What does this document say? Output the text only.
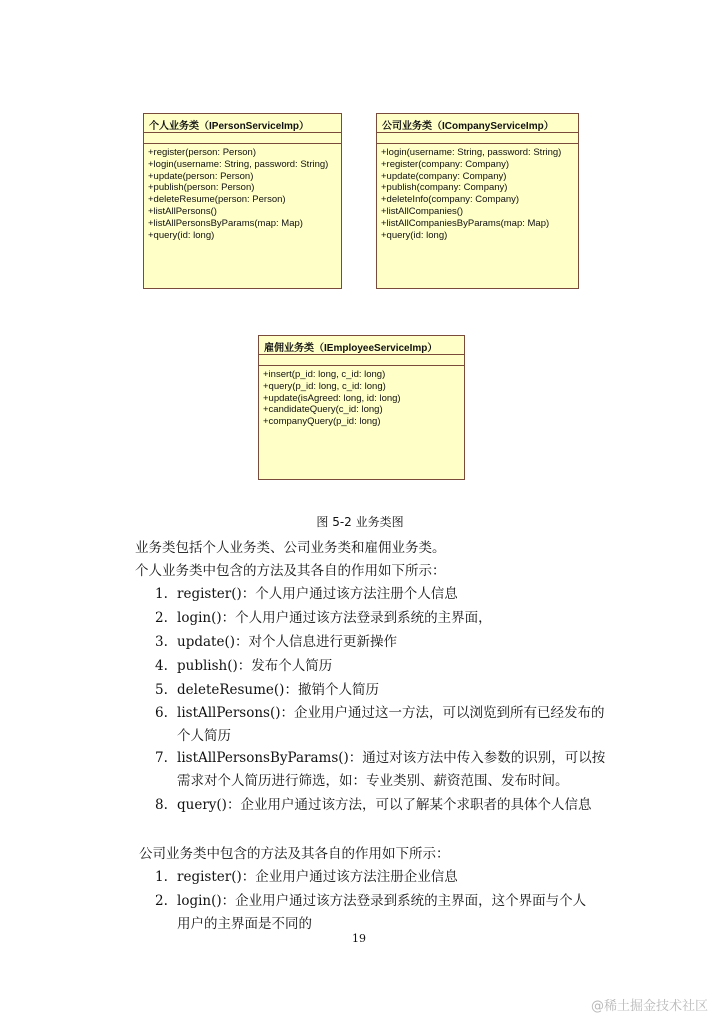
个人业务类（IPersonServiceImp）
+register(person: Person)
+login(username: String, password: String)
+update(person: Person)
+publish(person: Person)
+deleteResume(person: Person)
+listAllPersons()
+listAllPersonsByParams(map: Map)
+query(id: long)
公司业务类（ICompanyServiceImp）
+login(username: String, password: String)
+register(company: Company)
+update(company: Company)
+publish(company: Company)
+deleteInfo(company: Company)
+listAllCompanies()
+listAllCompaniesByParams(map: Map)
+query(id: long)
雇佣业务类（IEmployeeServiceImp）
+insert(p_id: long, c_id: long)
+query(p_id: long, c_id: long)
+update(isAgreed: long, id: long)
+candidateQuery(c_id: long)
+companyQuery(p_id: long)
图 5-2 业务类图
业务类包括个人业务类、公司业务类和雇佣业务类。
个人业务类中包含的方法及其各自的作用如下所示：
1. register()：个人用户通过该方法注册个人信息
2. login()：个人用户通过该方法登录到系统的主界面，
3. update()：对个人信息进行更新操作
4. publish()：发布个人简历
5. deleteResume()：撤销个人简历
6. listAllPersons()：企业用户通过这一方法，可以浏览到所有已经发布的
个人简历
7. listAllPersonsByParams()：通过对该方法中传入参数的识别，可以按
需求对个人简历进行筛选，如：专业类别、薪资范围、发布时间。
8. query()：企业用户通过该方法，可以了解某个求职者的具体个人信息
公司业务类中包含的方法及其各自的作用如下所示：
1. register()：企业用户通过该方法注册企业信息
2. login()：企业用户通过该方法登录到系统的主界面，这个界面与个人
用户的主界面是不同的
19
@稀土掘金技术社区
